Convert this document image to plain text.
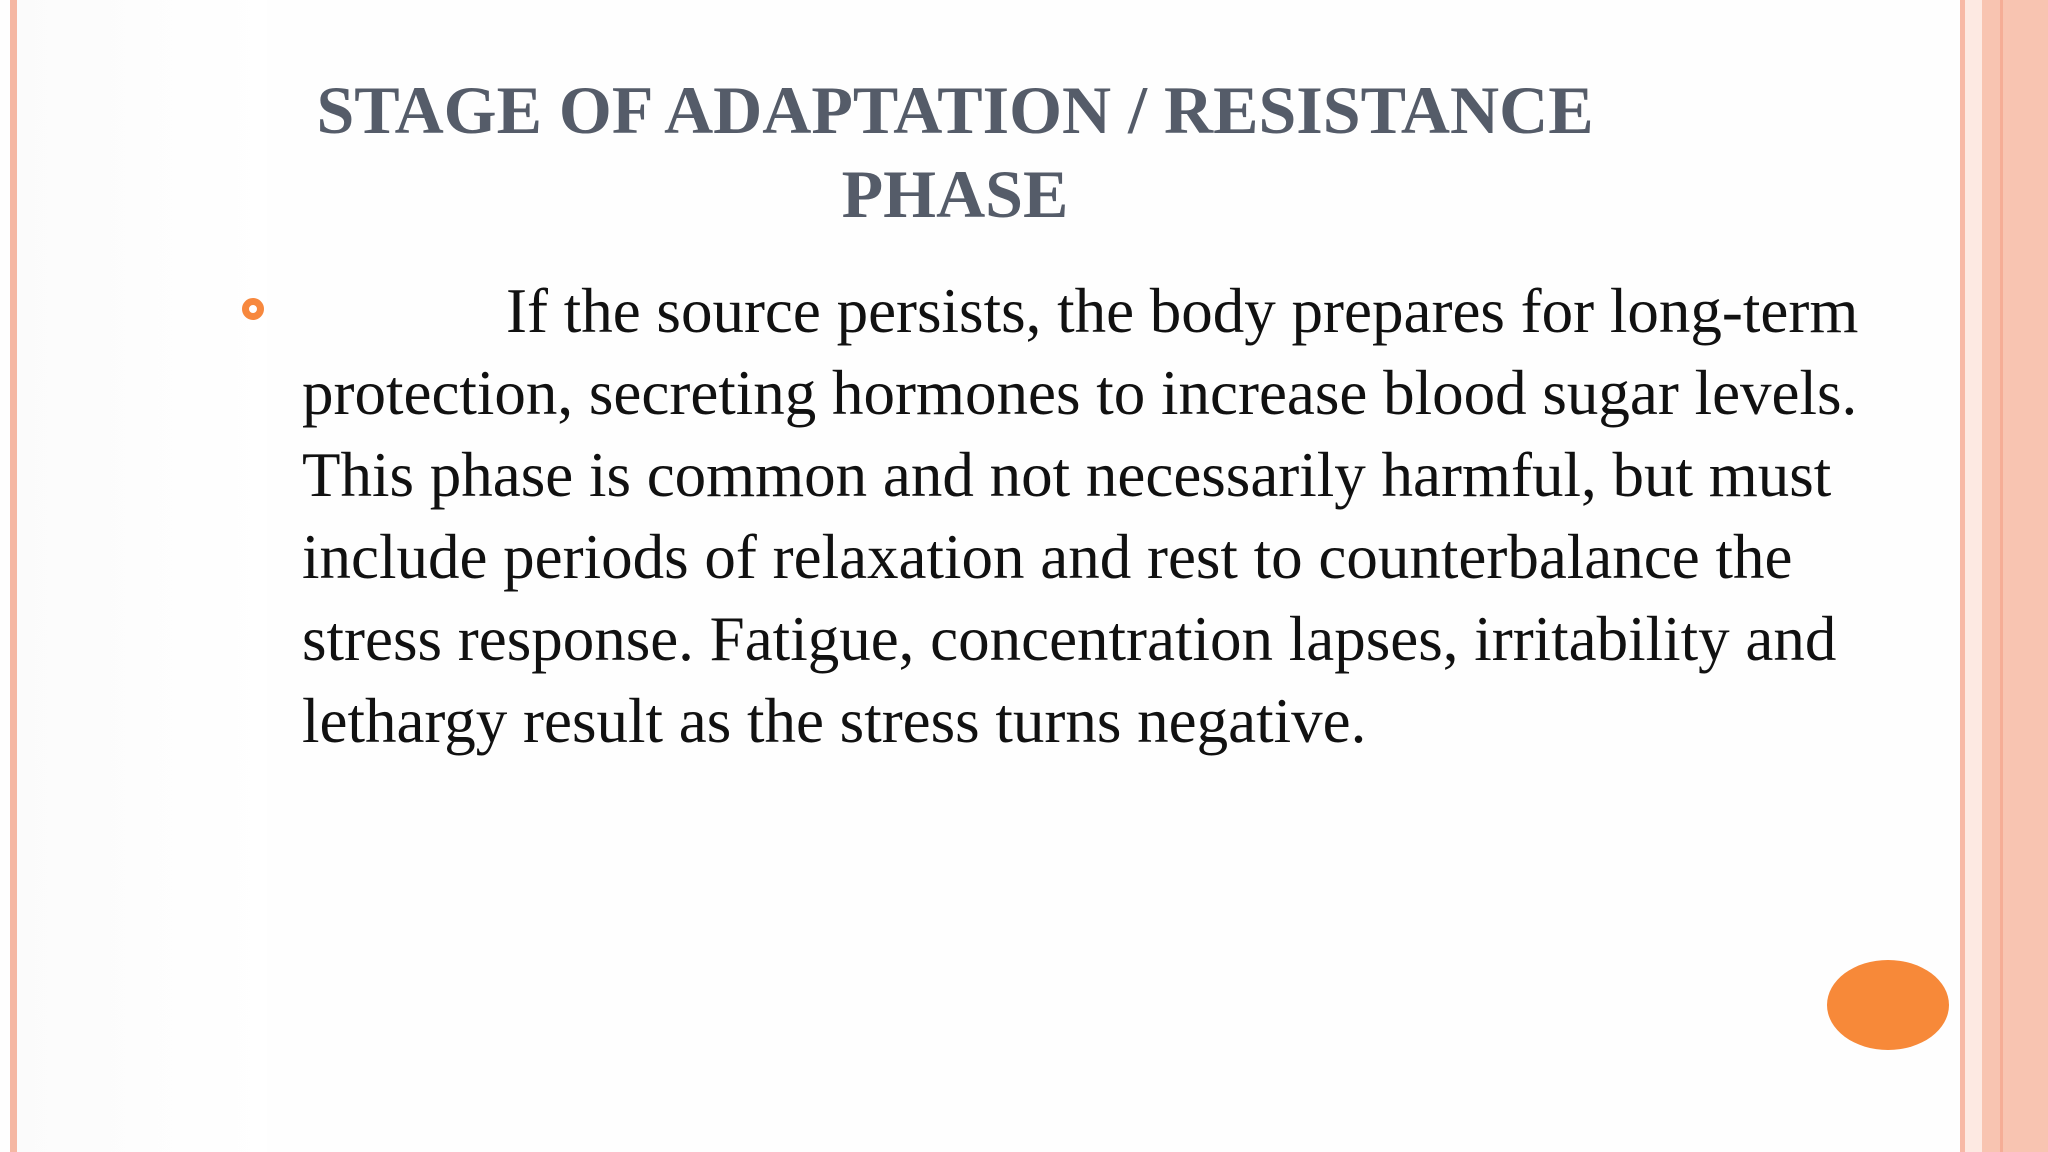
STAGE OF ADAPTATION / RESISTANCE
PHASE
If the source persists, the body prepares for long-term
protection, secreting hormones to increase blood sugar levels.
This phase is common and not necessarily harmful, but must
include periods of relaxation and rest to counterbalance the
stress response. Fatigue, concentration lapses, irritability and
lethargy result as the stress turns negative.
